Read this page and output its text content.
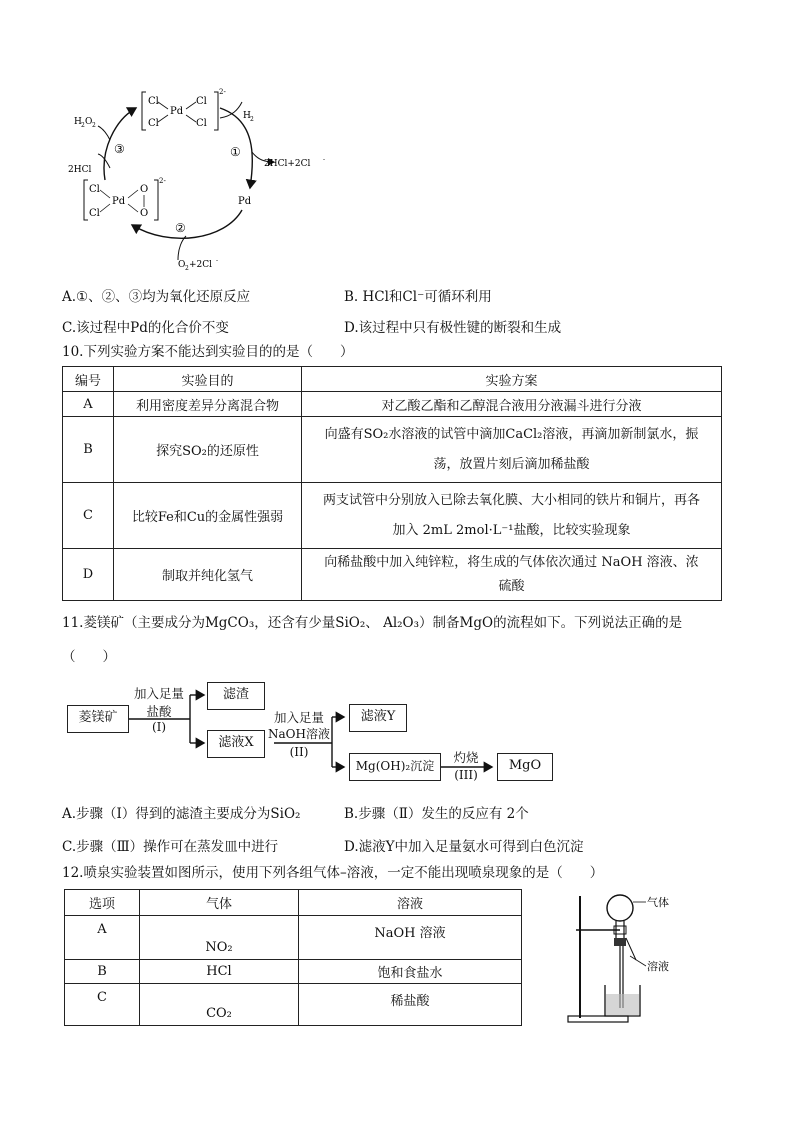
Cl
Pd
Cl
Cl	Cl
2-
H 2
①
2HCl+2Cl -
Pd
②
O 2 +2Cl -
Cl
Pd
Cl
O
O
2-
③
H 2 O 2
2HCl
A.①、②、③均为氧化还原反应	B. HCl和Cl⁻可循环利用
C.该过程中Pd的化合价不变	D.该过程中只有极性键的断裂和生成
10.下列实验方案不能达到实验目的的是（　　）
编号	实验目的	实验方案
A	利用密度差异分离混合物	对乙酸乙酯和乙醇混合液用分液漏斗进行分液
B	探究SO₂的还原性	向盛有SO₂水溶液的试管中滴加CaCl₂溶液，再滴加新制氯水，振
荡，放置片刻后滴加稀盐酸

C	比较Fe和Cu的金属性强弱	两支试管中分别放入已除去氧化膜、大小相同的铁片和铜片，再各
加入 2mL 2mol·L⁻¹盐酸，比较实验现象

D	制取并纯化氢气	向稀盐酸中加入纯锌粒，将生成的气体依次通过 NaOH 溶液、浓
硫酸
11.菱镁矿（主要成分为MgCO₃，还含有少量SiO₂、 Al₂O₃）制备MgO的流程如下。下列说法正确的是
（　　）
菱镁矿
加入足量
盐酸
(I)
滤渣
滤液X
加入足量
NaOH溶液
(II)
滤液Y
Mg(OH)₂沉淀
灼烧
(III)
MgO
A.步骤（Ⅰ）得到的滤渣主要成分为SiO₂	B.步骤（Ⅱ）发生的反应有 2个
C.步骤（Ⅲ）操作可在蒸发皿中进行	D.滤液Y中加入足量氨水可得到白色沉淀
12.喷泉实验装置如图所示，使用下列各组气体–溶液，一定不能出现喷泉现象的是（　　）
选项	气体	溶液
A	NO₂	NaOH 溶液
B	HCl	饱和食盐水
C	CO₂	稀盐酸
气体
溶液
